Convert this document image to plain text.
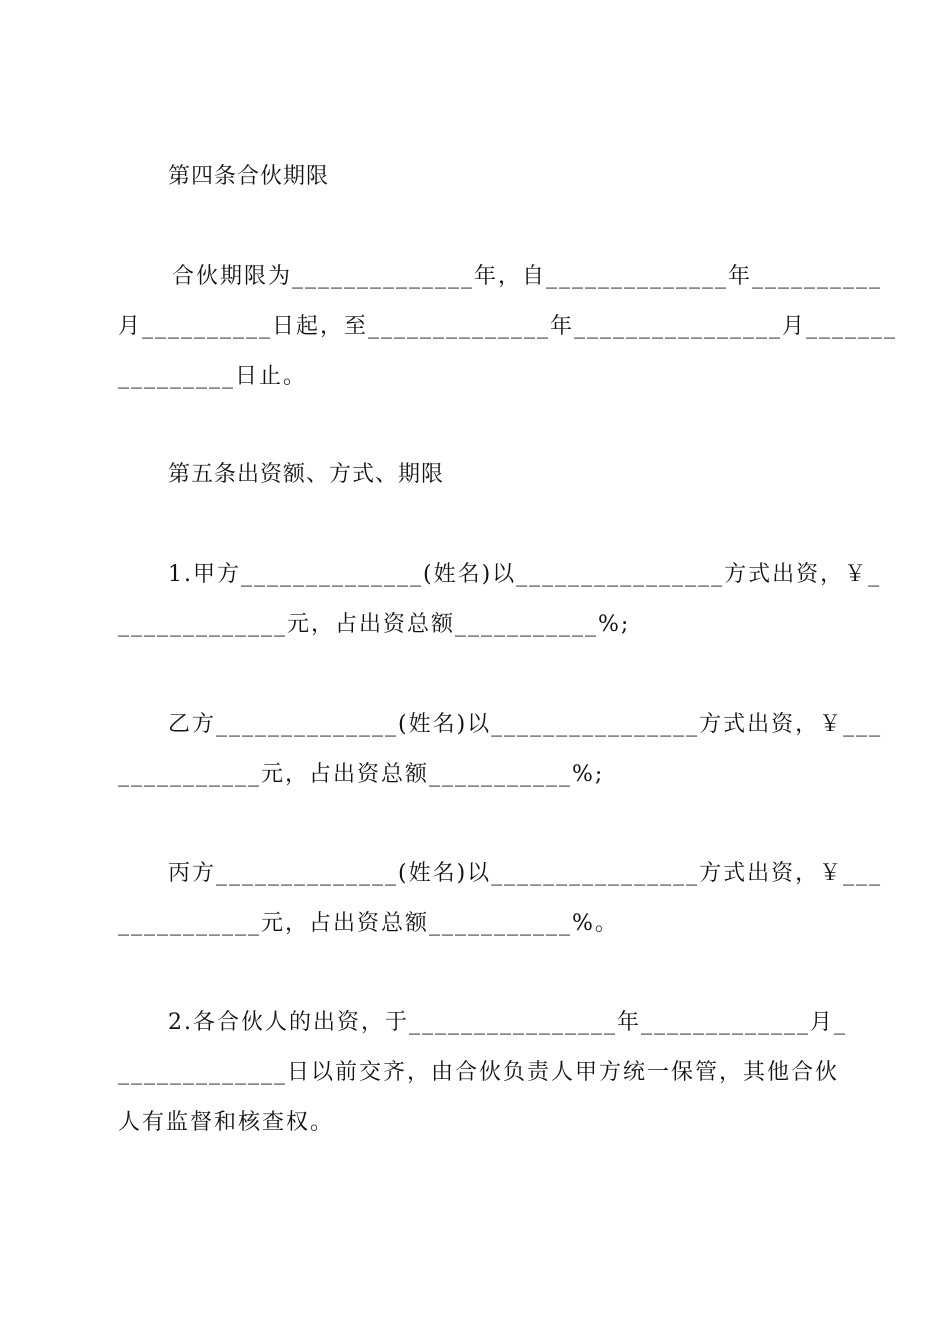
第四条合伙期限
合伙期限为______________年，自______________年__________
月__________日起，至______________年________________月_______
_________日止。
第五条出资额、方式、期限
1.甲方______________(姓名)以________________方式出资，￥_
_____________元，占出资总额___________%;
乙方______________(姓名)以________________方式出资，￥___
___________元，占出资总额___________%;
丙方______________(姓名)以________________方式出资，￥___
___________元，占出资总额___________%。
2.各合伙人的出资，于________________年_____________月_
_____________日以前交齐，由合伙负责人甲方统一保管，其他合伙
人有监督和核查权。
